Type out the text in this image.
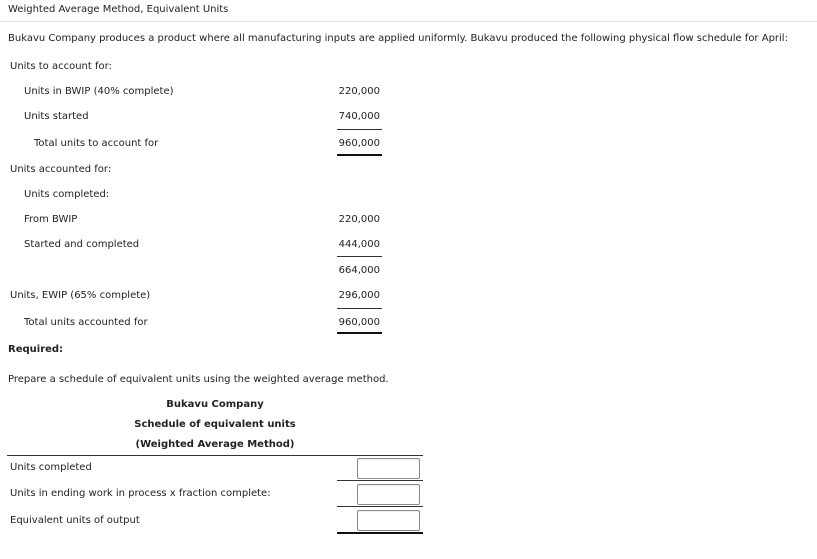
Weighted Average Method, Equivalent Units
Bukavu Company produces a product where all manufacturing inputs are applied uniformly. Bukavu produced the following physical flow schedule for April:
Units to account for:
Units in BWIP (40% complete)	220,000
Units started	740,000
Total units to account for	960,000
Units accounted for:
Units completed:
From BWIP	220,000
Started and completed	444,000
664,000
Units, EWIP (65% complete)	296,000
Total units accounted for	960,000
Required:
Prepare a schedule of equivalent units using the weighted average method.
Bukavu Company
Schedule of equivalent units
(Weighted Average Method)
Units completed
Units in ending work in process x fraction complete:
Equivalent units of output
